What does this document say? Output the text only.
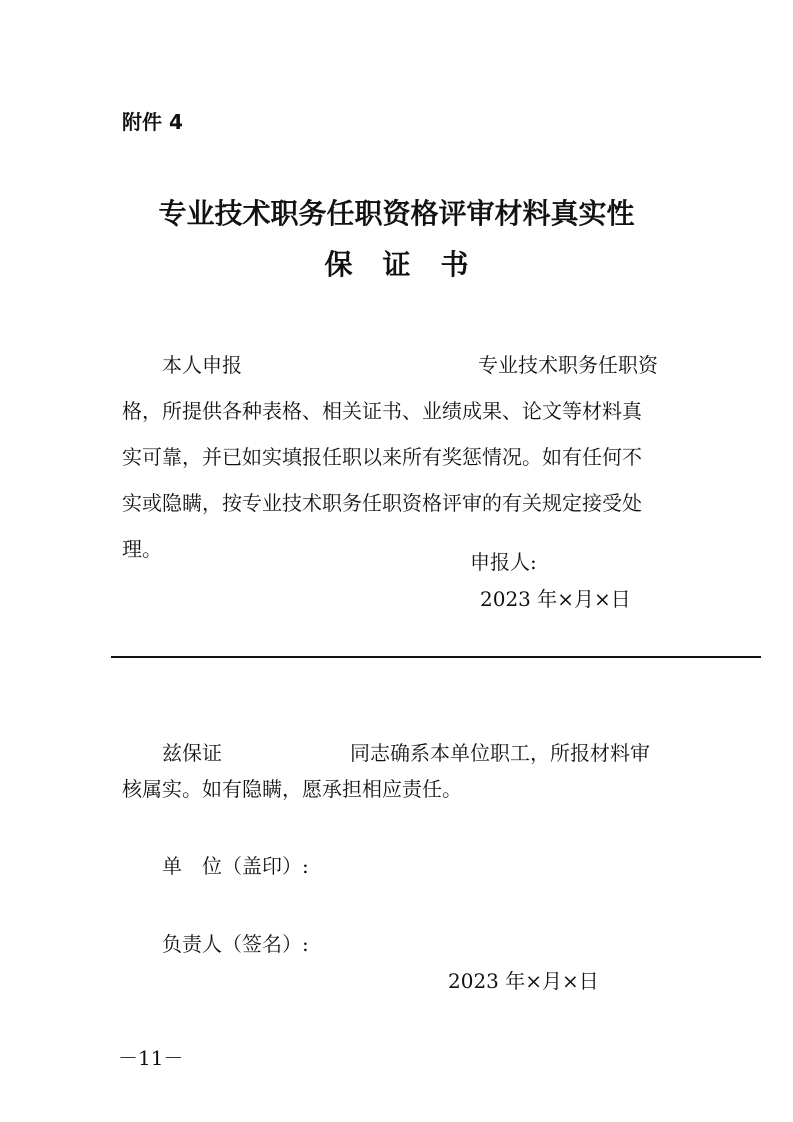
附件 4
专业技术职务任职资格评审材料真实性
保证书
本人申报	专业技术职务任职资
格，所提供各种表格、相关证书、业绩成果、论文等材料真
实可靠，并已如实填报任职以来所有奖惩情况。如有任何不
实或隐瞒，按专业技术职务任职资格评审的有关规定接受处
理。
申报人:
2023 年×月×日
兹保证	同志确系本单位职工，所报材料审
核属实。如有隐瞒，愿承担相应责任。
单　位（盖印）:
负责人（签名）:
2023 年×月×日
－11－
